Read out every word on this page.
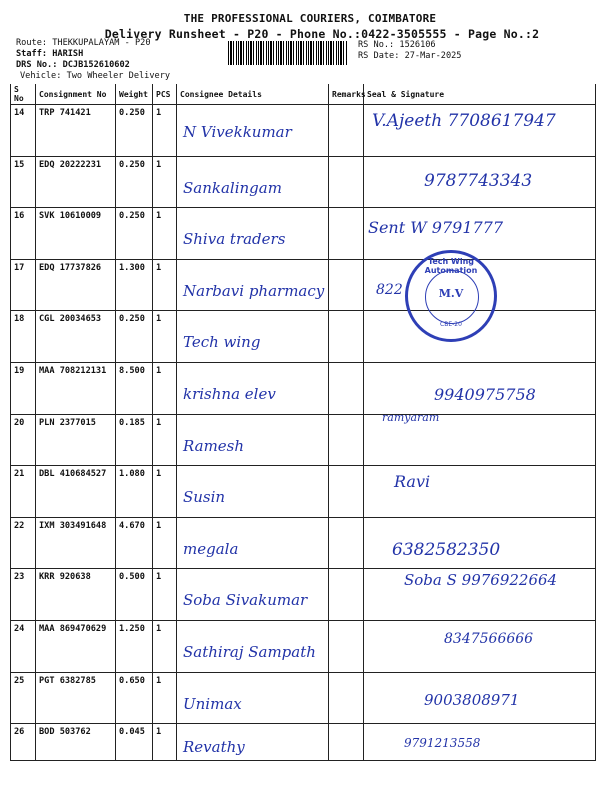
THE PROFESSIONAL COURIERS, COIMBATORE
Delivery Runsheet - P20 - Phone No.:0422-3505555 - Page No.:2
Route: THEKKUPALAYAM - P20
Staff: HARISH
DRS No.: DCJB152610602
Vehicle: Two Wheeler Delivery
RS No.: 1526106
RS Date: 27-Mar-2025
S No	Consignment No	Weight	PCS	Consignee Details	Remarks	Seal & Signature
14	TRP 741421	0.250	1	N Vivekkumar		V.Ajeeth 7708617947

15	EDQ 20222231	0.250	1	Sankalingam		9787743343

16	SVK 10610009	0.250	1	Shiva traders		Sent W 9791777

17	EDQ 17737826	1.300	1	Narbavi pharmacy		822

18	CGL 20034653	0.250	1	Tech wing		

19	MAA 708212131	8.500	1	krishna elev		9940975758

20	PLN 2377015	0.185	1	Ramesh		ramyaram

21	DBL 410684527	1.080	1	Susin		Ravi

22	IXM 303491648	4.670	1	megala		6382582350

23	KRR 920638	0.500	1	Soba Sivakumar		Soba S 9976922664

24	MAA 869470629	1.250	1	Sathiraj Sampath		8347566666

25	PGT 6382785	0.650	1	Unimax		9003808971

26	BOD 503762	0.045	1	Revathy		9791213558
Tech Wing Automation
M.V
CBE-20
